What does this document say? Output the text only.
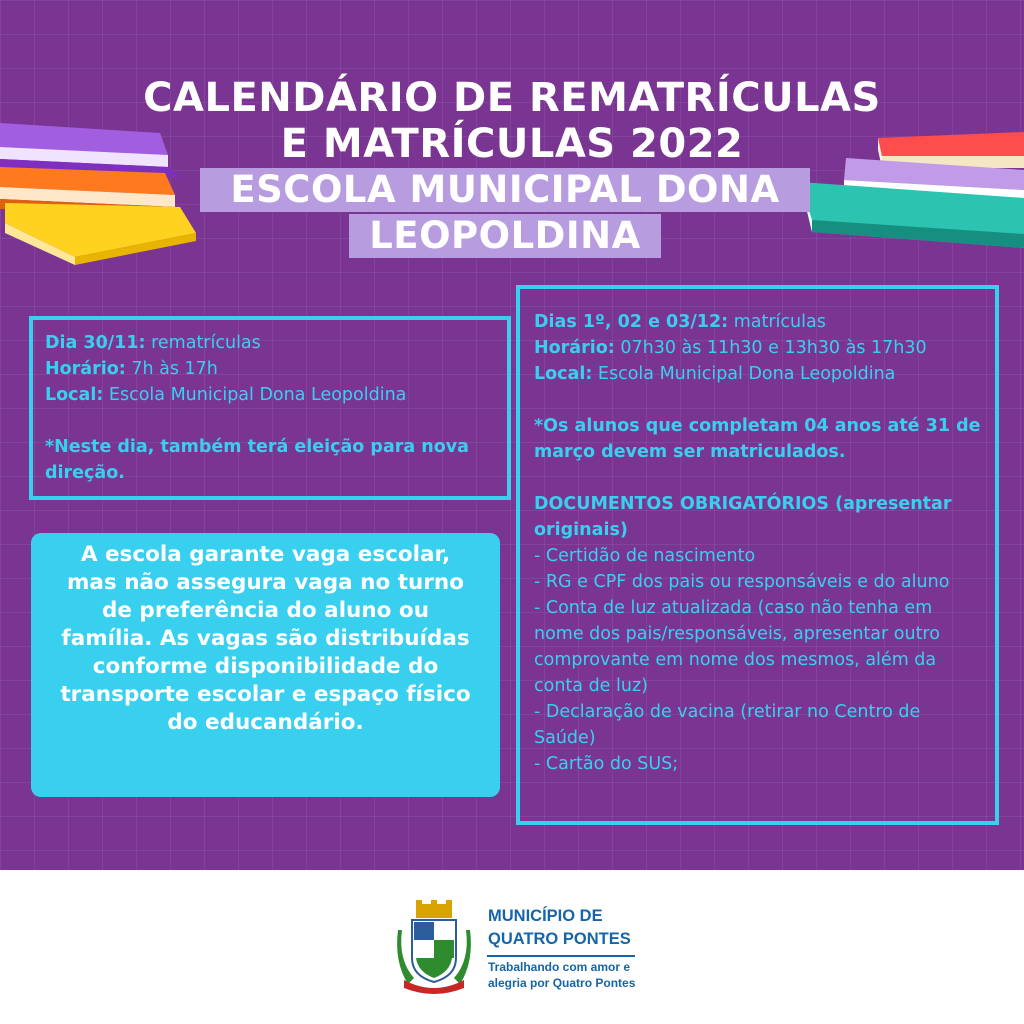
CALENDÁRIO DE REMATRÍCULAS
E MATRÍCULAS 2022
ESCOLA MUNICIPAL DONA
LEOPOLDINA
Dia 30/11: rematrículas
Horário: 7h às 17h
Local: Escola Municipal Dona Leopoldina
*Neste dia, também terá eleição para nova direção.
A escola garante vaga escolar, mas não assegura vaga no turno de preferência do aluno ou família. As vagas são distribuídas conforme disponibilidade do transporte escolar e espaço físico do educandário.
Dias 1º, 02 e 03/12: matrículas
Horário: 07h30 às 11h30 e 13h30 às 17h30
Local: Escola Municipal Dona Leopoldina
*Os alunos que completam 04 anos até 31 de março devem ser matriculados.
DOCUMENTOS OBRIGATÓRIOS (apresentar originais)
- Certidão de nascimento
- RG e CPF dos pais ou responsáveis e do aluno
- Conta de luz atualizada (caso não tenha em nome dos pais/responsáveis, apresentar outro comprovante em nome dos mesmos, além da conta de luz)
- Declaração de vacina (retirar no Centro de Saúde)
- Cartão do SUS;
MUNICÍPIO DE
QUATRO PONTES
Trabalhando com amor e
alegria por Quatro Pontes
